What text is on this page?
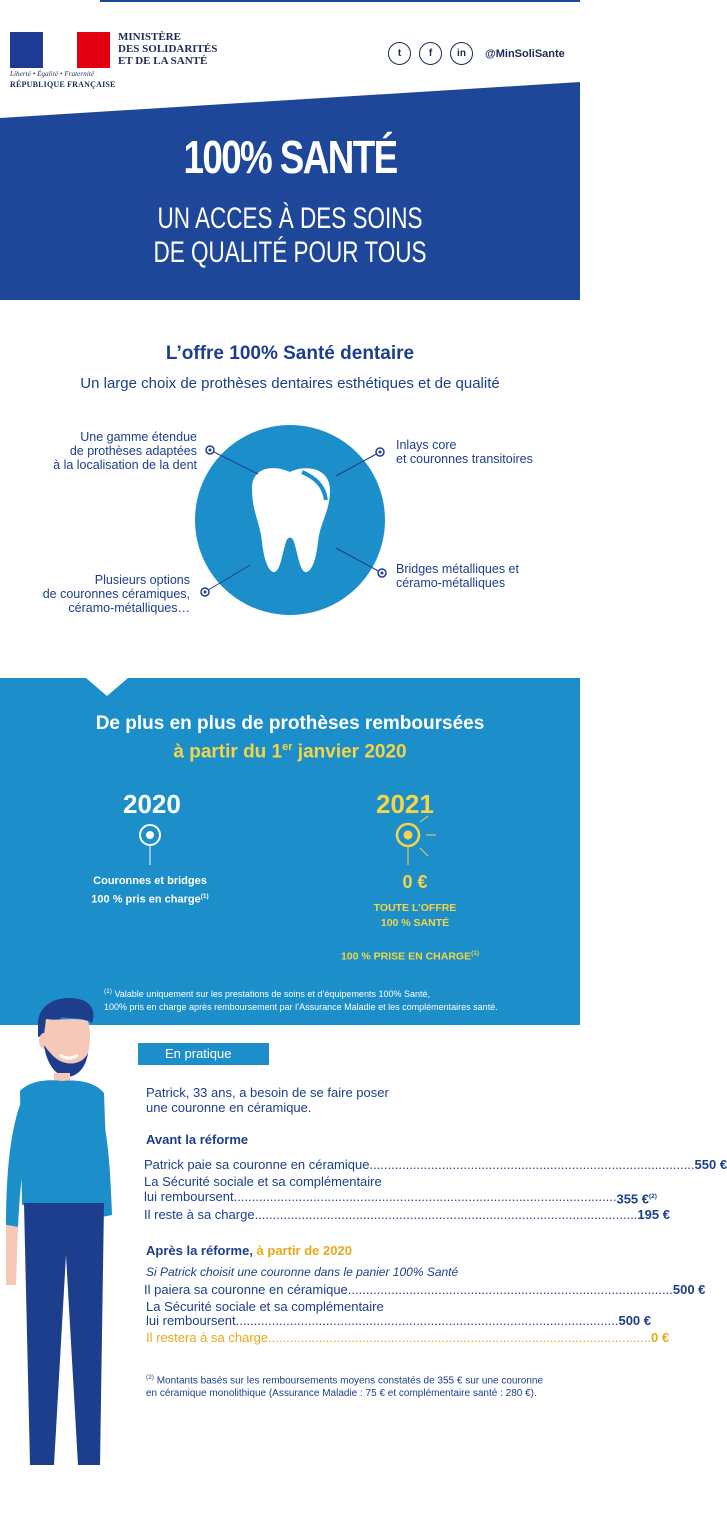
Liberté • Égalité • Fraternité
RÉPUBLIQUE FRANÇAISE
MINISTÈRE
DES SOLIDARITÉS
ET DE LA SANTÉ
t	f	in	@MinSoliSante
100% SANTÉ
UN ACCES À DES SOINS
DE QUALITÉ POUR TOUS
L’offre 100% Santé dentaire
Un large choix de prothèses dentaires esthétiques et de qualité
Une gamme étendue
de prothèses adaptées
à la localisation de la dent
Plusieurs options
de couronnes céramiques,
céramo-métalliques…
Inlays core
et couronnes transitoires
Bridges métalliques et
céramo-métalliques
De plus en plus de prothèses remboursées
à partir du 1er janvier 2020
2020	2021
Couronnes et bridges
100 % pris en charge$^{(1)}$
0 €
TOUTE L’OFFRE
100 % SANTÉ
100 % PRISE EN CHARGE$^{(1)}$
$^{(1)}$ Valable uniquement sur les prestations de soins et d’équipements 100% Santé,
100% pris en charge après remboursement par l’Assurance Maladie et les complémentaires santé.
En pratique
Patrick, 33 ans, a besoin de se faire poser
une couronne en céramique.
Avant la réforme
Patrick paie sa couronne en céramique .......................................................................................... 550 €
La Sécurité sociale et sa complémentaire
lui remboursent .......................................................................................................... 355 €$^{(2)}$
Il reste à sa charge .......................................................................................................... 195 €
Après la réforme, à partir de 2020
Si Patrick choisit une couronne dans le panier 100% Santé
Il paiera sa couronne en céramique .......................................................................................... 500 €
La Sécurité sociale et sa complémentaire
lui remboursent .......................................................................................................... 500 €
Il restera à sa charge .......................................................................................................... 0 €
$^{(2)}$ Montants basés sur les remboursements moyens constatés de 355 € sur une couronne
en céramique monolithique (Assurance Maladie : 75 € et complémentaire santé : 280 €).
